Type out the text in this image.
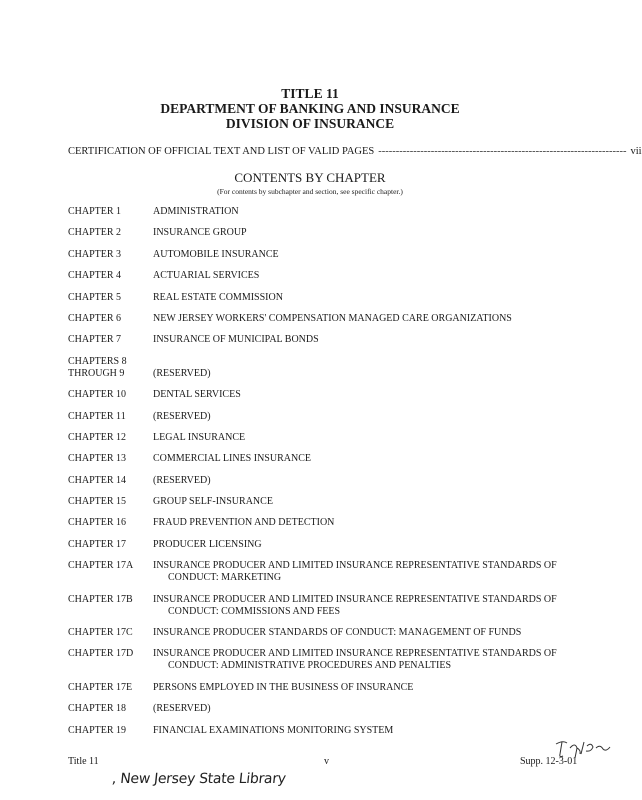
TITLE 11
DEPARTMENT OF BANKING AND INSURANCE
DIVISION OF INSURANCE
CERTIFICATION OF OFFICIAL TEXT AND LIST OF VALID PAGES ----------------------------------------------------------------------- vii
CONTENTS BY CHAPTER
(For contents by subchapter and section, see specific chapter.)
CHAPTER 1	ADMINISTRATION
CHAPTER 2	INSURANCE GROUP
CHAPTER 3	AUTOMOBILE INSURANCE
CHAPTER 4	ACTUARIAL SERVICES
CHAPTER 5	REAL ESTATE COMMISSION
CHAPTER 6	NEW JERSEY WORKERS' COMPENSATION MANAGED CARE ORGANIZATIONS
CHAPTER 7	INSURANCE OF MUNICIPAL BONDS
CHAPTERS 8
THROUGH 9
	(RESERVED)
CHAPTER 10	DENTAL SERVICES
CHAPTER 11	(RESERVED)
CHAPTER 12	LEGAL INSURANCE
CHAPTER 13	COMMERCIAL LINES INSURANCE
CHAPTER 14	(RESERVED)
CHAPTER 15	GROUP SELF-INSURANCE
CHAPTER 16	FRAUD PREVENTION AND DETECTION
CHAPTER 17	PRODUCER LICENSING
CHAPTER 17A	INSURANCE PRODUCER AND LIMITED INSURANCE REPRESENTATIVE STANDARDS OF
CONDUCT: MARKETING
CHAPTER 17B	INSURANCE PRODUCER AND LIMITED INSURANCE REPRESENTATIVE STANDARDS OF
CONDUCT: COMMISSIONS AND FEES
CHAPTER 17C	INSURANCE PRODUCER STANDARDS OF CONDUCT: MANAGEMENT OF FUNDS
CHAPTER 17D	INSURANCE PRODUCER AND LIMITED INSURANCE REPRESENTATIVE STANDARDS OF
CONDUCT: ADMINISTRATIVE PROCEDURES AND PENALTIES
CHAPTER 17E	PERSONS EMPLOYED IN THE BUSINESS OF INSURANCE
CHAPTER 18	(RESERVED)
CHAPTER 19	FINANCIAL EXAMINATIONS MONITORING SYSTEM
Title 11	v	Supp. 12-3-01
, New Jersey State Library
